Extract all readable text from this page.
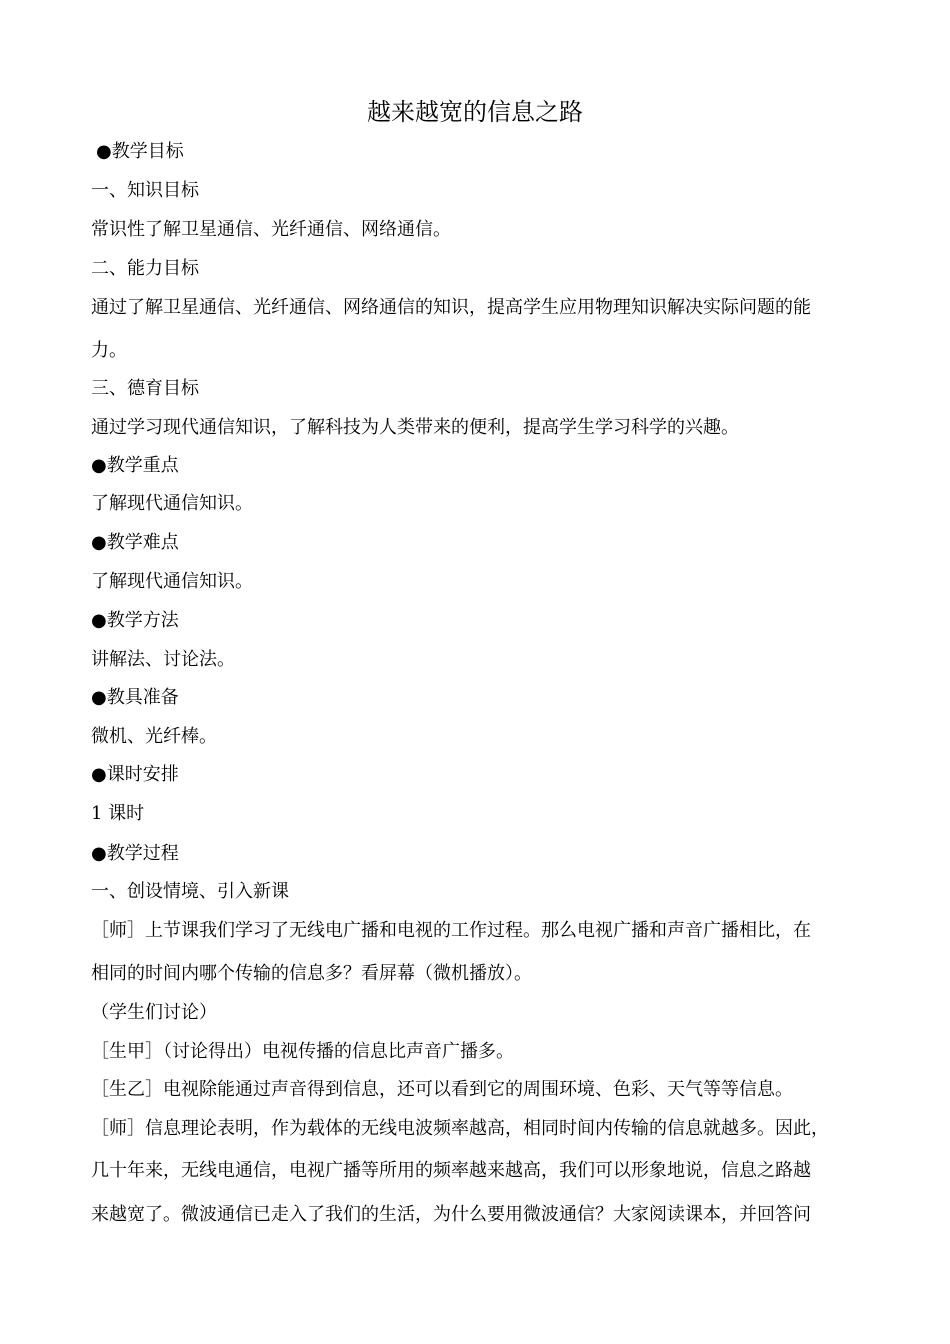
越来越宽的信息之路
●教学目标
一、知识目标
常识性了解卫星通信、光纤通信、网络通信。
二、能力目标
通过了解卫星通信、光纤通信、网络通信的知识，提高学生应用物理知识解决实际问题的能
力。
三、德育目标
通过学习现代通信知识，了解科技为人类带来的便利，提高学生学习科学的兴趣。
●教学重点
了解现代通信知识。
●教学难点
了解现代通信知识。
●教学方法
讲解法、讨论法。
●教具准备
微机、光纤棒。
●课时安排
1 课时
●教学过程
一、创设情境、引入新课
［师］上节课我们学习了无线电广播和电视的工作过程。那么电视广播和声音广播相比，在
相同的时间内哪个传输的信息多？看屏幕（微机播放）。
（学生们讨论）
［生甲］（讨论得出）电视传播的信息比声音广播多。
［生乙］电视除能通过声音得到信息，还可以看到它的周围环境、色彩、天气等等信息。
［师］信息理论表明，作为载体的无线电波频率越高，相同时间内传输的信息就越多。因此，
几十年来，无线电通信，电视广播等所用的频率越来越高，我们可以形象地说，信息之路越
来越宽了。微波通信已走入了我们的生活，为什么要用微波通信？大家阅读课本，并回答问
